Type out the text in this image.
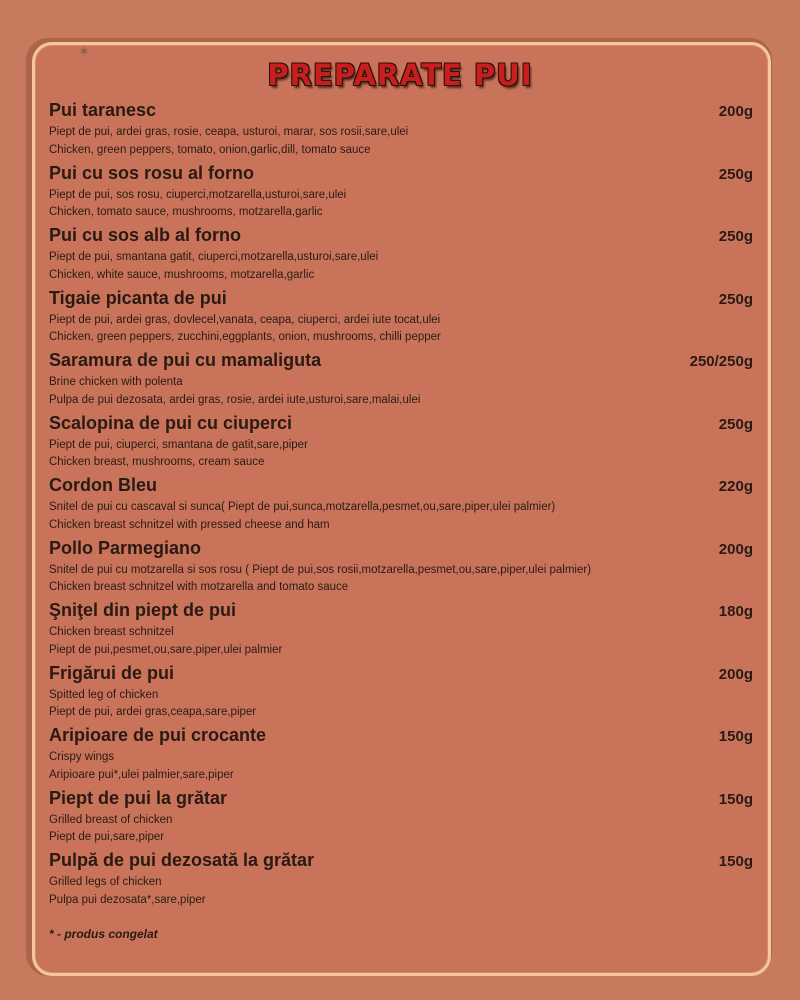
✶
PREPARATE PUI
Pui taranesc	200g
Piept de pui, ardei gras, rosie, ceapa, usturoi, marar, sos rosii,sare,ulei
Chicken, green peppers, tomato, onion,garlic,dill, tomato sauce
Pui cu sos rosu al forno	250g
Piept de pui, sos rosu, ciuperci,motzarella,usturoi,sare,ulei
Chicken, tomato sauce, mushrooms, motzarella,garlic
Pui cu sos alb al forno	250g
Piept de pui, smantana gatit, ciuperci,motzarella,usturoi,sare,ulei
Chicken, white sauce, mushrooms, motzarella,garlic
Tigaie picanta de pui	250g
Piept de pui, ardei gras, dovlecel,vanata, ceapa, ciuperci, ardei iute tocat,ulei
Chicken, green peppers, zucchini,eggplants, onion, mushrooms, chilli pepper
Saramura de pui cu mamaliguta	250/250g
Brine chicken with polenta
Pulpa de pui dezosata, ardei gras, rosie, ardei iute,usturoi,sare,malai,ulei
Scalopina de pui cu ciuperci	250g
Piept de pui, ciuperci, smantana de gatit,sare,piper
Chicken breast, mushrooms, cream sauce
Cordon Bleu	220g
Snitel de pui cu cascaval si sunca( Piept de pui,sunca,motzarella,pesmet,ou,sare,piper,ulei palmier)
Chicken breast schnitzel with pressed cheese and ham
Pollo Parmegiano	200g
Snitel de pui cu motzarella si sos rosu ( Piept de pui,sos rosii,motzarella,pesmet,ou,sare,piper,ulei palmier)
Chicken breast schnitzel with motzarella and tomato sauce
Şniţel din piept de pui	180g
Chicken breast schnitzel
Piept de pui,pesmet,ou,sare,piper,ulei palmier
Frigărui de pui	200g
Spitted leg of chicken
Piept de pui, ardei gras,ceapa,sare,piper
Aripioare de pui crocante	150g
Crispy wings
Aripioare pui*,ulei palmier,sare,piper
Piept de pui la grătar	150g
Grilled breast of chicken
Piept de pui,sare,piper
Pulpă de pui dezosată la grătar	150g
Grilled legs of chicken
Pulpa pui dezosata*,sare,piper
* - produs congelat
